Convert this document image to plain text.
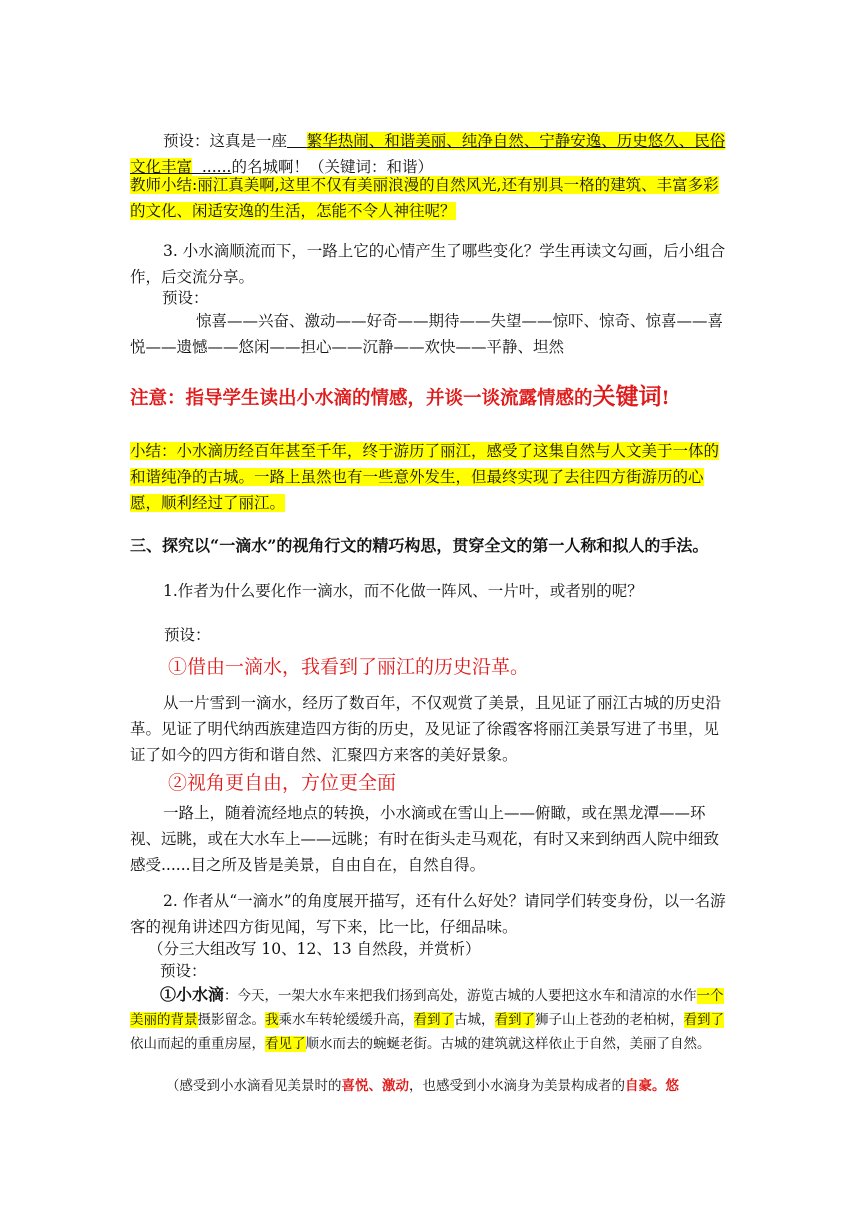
预设：这真是一座 繁华热闹、和谐美丽、纯净自然、宁静安逸、历史悠久、民俗文化丰富 ......的名城啊！（关键词：和谐）
教师小结:丽江真美啊,这里不仅有美丽浪漫的自然风光,还有别具一格的建筑、丰富多彩的文化、闲适安逸的生活，怎能不令人神往呢？
3. 小水滴顺流而下，一路上它的心情产生了哪些变化？学生再读文勾画，后小组合作，后交流分享。
预设：
惊喜——兴奋、激动——好奇——期待——失望——惊吓、惊奇、惊喜——喜悦——遗憾——悠闲——担心——沉静——欢快——平静、坦然
注意：指导学生读出小水滴的情感，并谈一谈流露情感的关键词!
小结：小水滴历经百年甚至千年，终于游历了丽江，感受了这集自然与人文美于一体的和谐纯净的古城。一路上虽然也有一些意外发生，但最终实现了去往四方街游历的心愿，顺利经过了丽江。
三、探究以“一滴水”的视角行文的精巧构思，贯穿全文的第一人称和拟人的手法。
1.作者为什么要化作一滴水，而不化做一阵风、一片叶，或者别的呢？
预设：
①借由一滴水，我看到了丽江的历史沿革。
从一片雪到一滴水，经历了数百年，不仅观赏了美景，且见证了丽江古城的历史沿革。见证了明代纳西族建造四方街的历史，及见证了徐霞客将丽江美景写进了书里，见证了如今的四方街和谐自然、汇聚四方来客的美好景象。
②视角更自由，方位更全面
一路上，随着流经地点的转换，小水滴或在雪山上——俯瞰，或在黑龙潭——环视、远眺，或在大水车上——远眺；有时在街头走马观花，有时又来到纳西人院中细致感受......目之所及皆是美景，自由自在，自然自得。
2. 作者从“一滴水”的角度展开描写，还有什么好处？请同学们转变身份，以一名游客的视角讲述四方街见闻，写下来，比一比，仔细品味。
（分三大组改写 10、12、13 自然段，并赏析）
预设：
①小水滴：今天，一架大水车来把我们扬到高处，游览古城的人要把这水车和清凉的水作一个美丽的背景摄影留念。我乘水车转轮缓缓升高，看到了古城，看到了狮子山上苍劲的老柏树，看到了依山而起的重重房屋，看见了顺水而去的蜿蜒老街。古城的建筑就这样依止于自然，美丽了自然。
（感受到小水滴看见美景时的喜悦、激动，也感受到小水滴身为美景构成者的自豪。悠
